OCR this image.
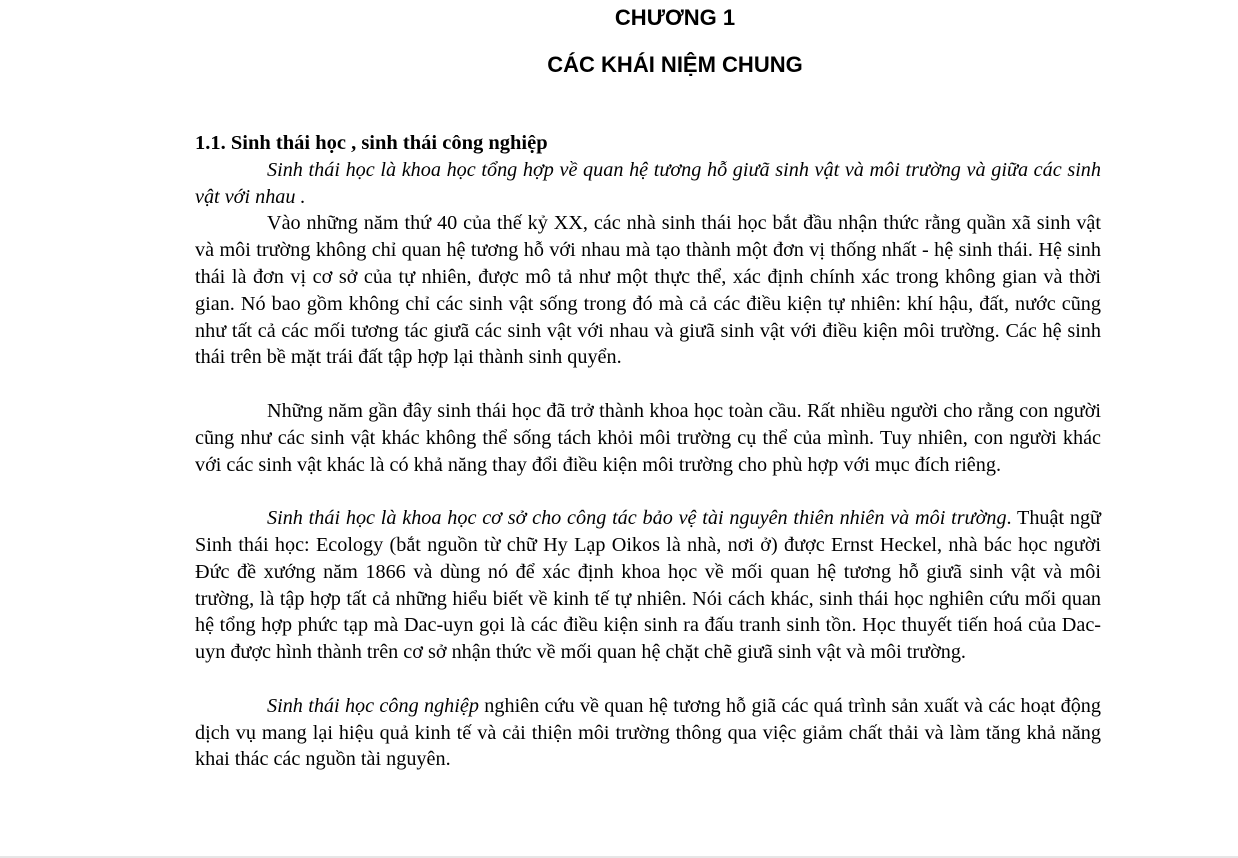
CHƯƠNG 1
CÁC KHÁI NIỆM CHUNG

1.1. Sinh thái học , sinh thái công nghiệp

Sinh thái học là khoa học tổng hợp về quan hệ tương hỗ giưã sinh vật và môi trường và giữa các sinh vật với nhau .

Vào những năm thứ 40 của thế kỷ XX, các nhà sinh thái học bắt đầu nhận thức rằng quần xã sinh vật và môi trường không chỉ quan hệ tương hỗ với nhau mà tạo thành một đơn vị thống nhất - hệ sinh thái. Hệ sinh thái là đơn vị cơ sở của tự nhiên, được mô tả như một thực thể, xác định chính xác trong không gian và thời gian. Nó bao gồm không chỉ các sinh vật sống trong đó mà cả các điều kiện tự nhiên: khí hậu, đất, nước cũng như tất cả các mối tương tác giưã các sinh vật với nhau và giưã sinh vật với điều kiện môi trường. Các hệ sinh thái trên bề mặt trái đất tập hợp lại thành sinh quyển.

Những năm gần đây sinh thái học đã trở thành khoa học toàn cầu. Rất nhiều người cho rằng con người cũng như các sinh vật khác không thể sống tách khỏi môi trường cụ thể của mình. Tuy nhiên, con người khác với các sinh vật khác là có khả năng thay đổi điều kiện môi trường cho phù hợp với mục đích riêng.

Sinh thái học là khoa học cơ sở cho công tác bảo vệ tài nguyên thiên nhiên và môi trường. Thuật ngữ Sinh thái học: Ecology (bắt nguồn từ chữ Hy Lạp Oikos là nhà, nơi ở) được Ernst Heckel, nhà bác học người Đức đề xướng năm 1866 và dùng nó để xác định khoa học về mối quan hệ tương hỗ giưã sinh vật và môi trường, là tập hợp tất cả những hiểu biết về kinh tế tự nhiên. Nói cách khác, sinh thái học nghiên cứu mối quan hệ tổng hợp phức tạp mà Dac-uyn gọi là các điều kiện sinh ra đấu tranh sinh tồn. Học thuyết tiến hoá của Dac-uyn được hình thành trên cơ sở nhận thức về mối quan hệ chặt chẽ giưã sinh vật và môi trường.

Sinh thái học công nghiệp nghiên cứu về quan hệ tương hỗ giã các quá trình sản xuất và các hoạt động dịch vụ mang lại hiệu quả kinh tế và cải thiện môi trường thông qua việc giảm chất thải và làm tăng khả năng khai thác các nguồn tài nguyên.
